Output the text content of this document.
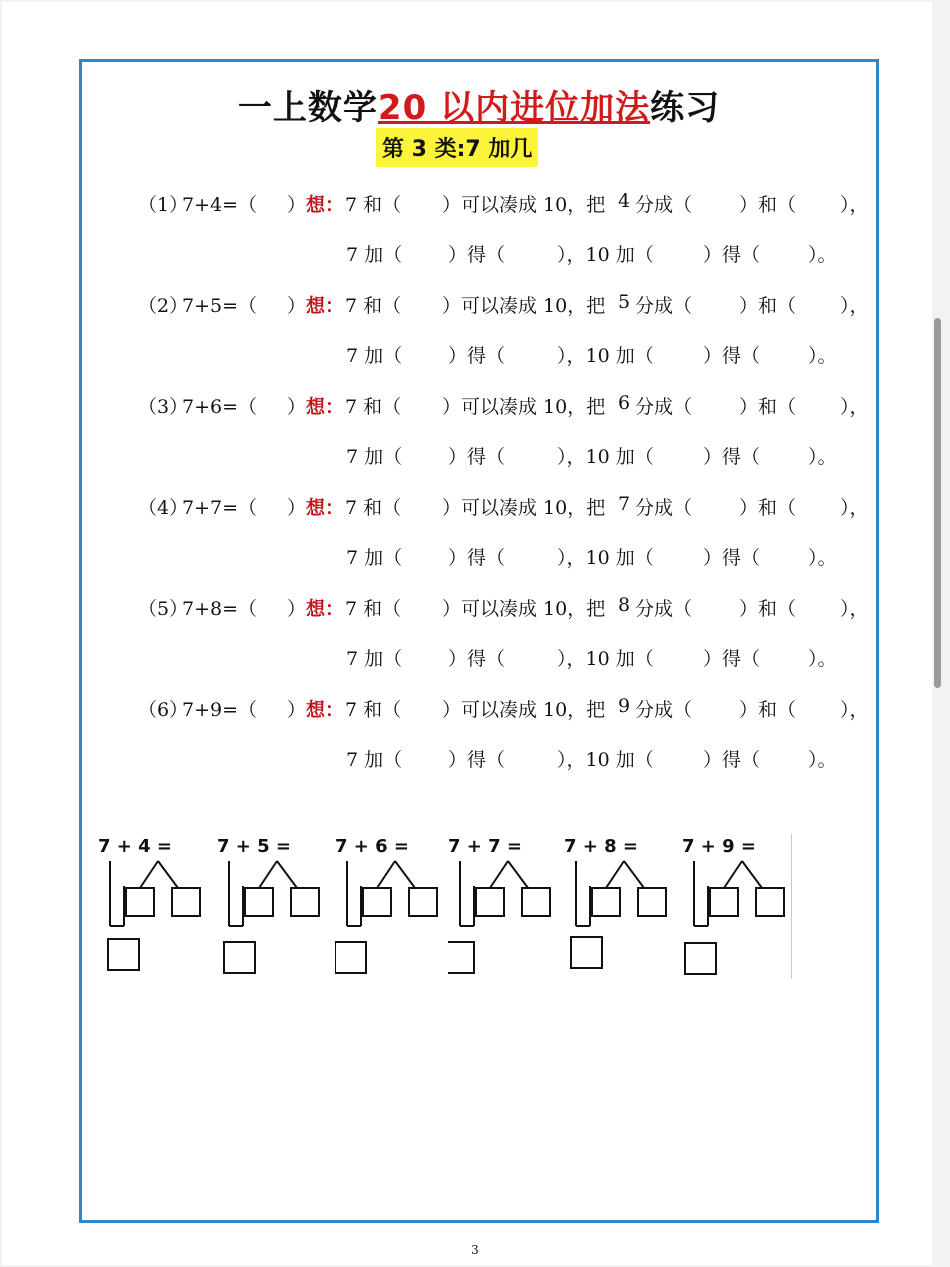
一上数学20 以内进位加法练习
第 3 类:7 加几
（1）
7+4=（ ） 想： 7 和（ ）可以凑成 10，把 4 分成（ ）和（ ），
7 加（ ）得（	），10 加（	）得（	）。
（2）
7+5=（ ） 想： 7 和（ ）可以凑成 10，把 5 分成（ ）和（ ），
7 加（ ）得（	），10 加（	）得（	）。
（3）
7+6=（ ） 想： 7 和（ ）可以凑成 10，把 6 分成（ ）和（ ），
7 加（ ）得（	），10 加（	）得（	）。
（4）
7+7=（ ） 想： 7 和（ ）可以凑成 10，把 7 分成（ ）和（ ），
7 加（ ）得（	），10 加（	）得（	）。
（5）
7+8=（ ） 想： 7 和（ ）可以凑成 10，把 8 分成（ ）和（ ），
7 加（ ）得（	），10 加（	）得（	）。
（6）
7+9=（ ） 想： 7 和（ ）可以凑成 10，把 9 分成（ ）和（ ），
7 加（ ）得（	），10 加（	）得（	）。
7 + 4 = 7 + 5 = 7 + 6 = 7 + 7 = 7 + 8 = 7 + 9 =
3
